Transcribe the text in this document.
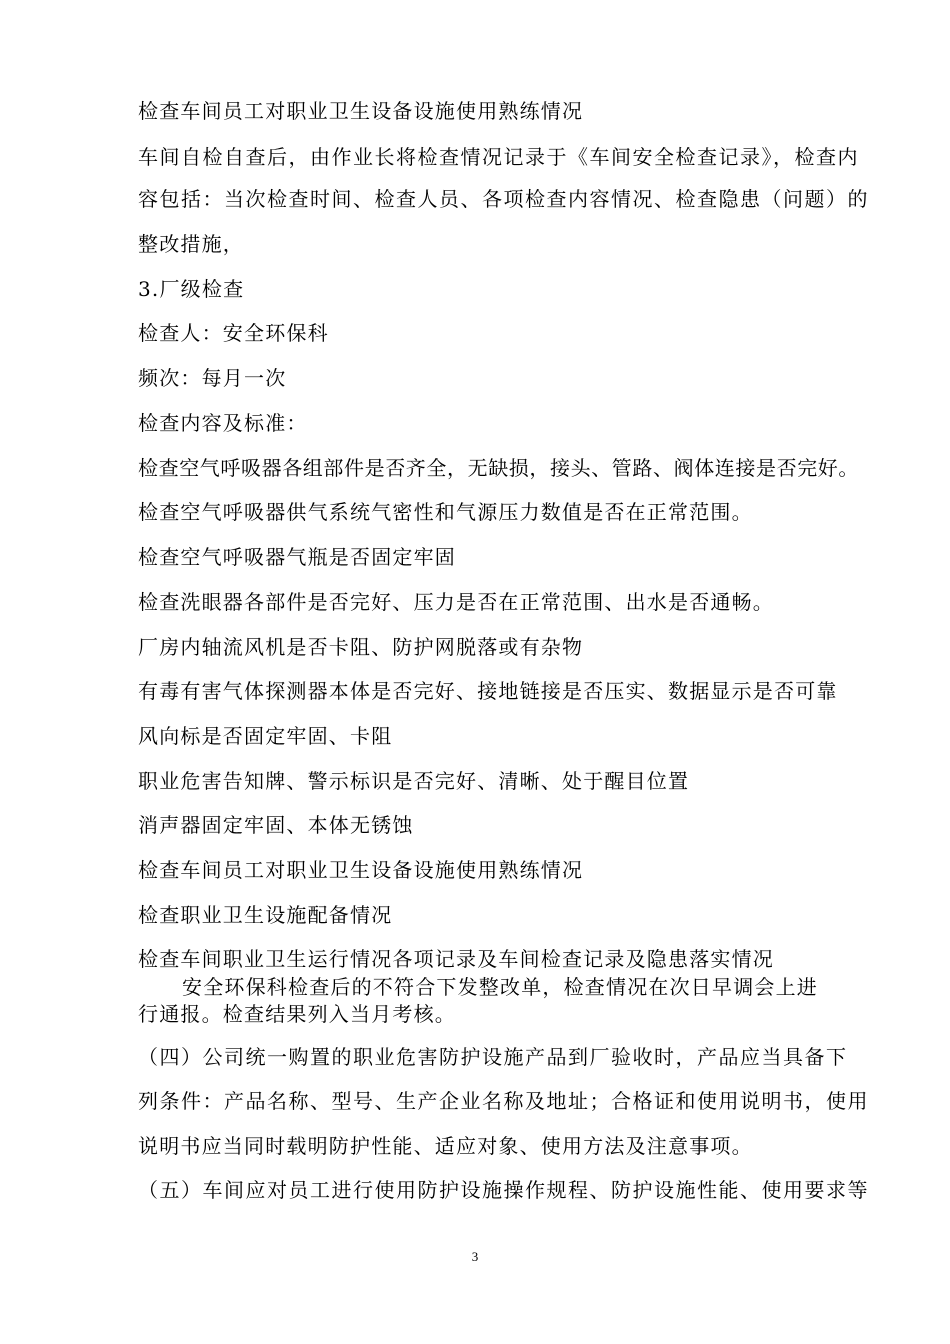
检查车间员工对职业卫生设备设施使用熟练情况
车间自检自查后，由作业长将检查情况记录于《车间安全检查记录》，检查内
容包括：当次检查时间、检查人员、各项检查内容情况、检查隐患（问题）的
整改措施，
3.厂级检查
检查人：安全环保科
频次：每月一次
检查内容及标准：
检查空气呼吸器各组部件是否齐全，无缺损，接头、管路、阀体连接是否完好。
检查空气呼吸器供气系统气密性和气源压力数值是否在正常范围。
检查空气呼吸器气瓶是否固定牢固
检查洗眼器各部件是否完好、压力是否在正常范围、出水是否通畅。
厂房内轴流风机是否卡阻、防护网脱落或有杂物
有毒有害气体探测器本体是否完好、接地链接是否压实、数据显示是否可靠
风向标是否固定牢固、卡阻
职业危害告知牌、警示标识是否完好、清晰、处于醒目位置
消声器固定牢固、本体无锈蚀
检查车间员工对职业卫生设备设施使用熟练情况
检查职业卫生设施配备情况
检查车间职业卫生运行情况各项记录及车间检查记录及隐患落实情况
安全环保科检查后的不符合下发整改单，检查情况在次日早调会上进
行通报。检查结果列入当月考核。
（四）公司统一购置的职业危害防护设施产品到厂验收时，产品应当具备下
列条件：产品名称、型号、生产企业名称及地址；合格证和使用说明书，使用
说明书应当同时载明防护性能、适应对象、使用方法及注意事项。
（五）车间应对员工进行使用防护设施操作规程、防护设施性能、使用要求等
3
